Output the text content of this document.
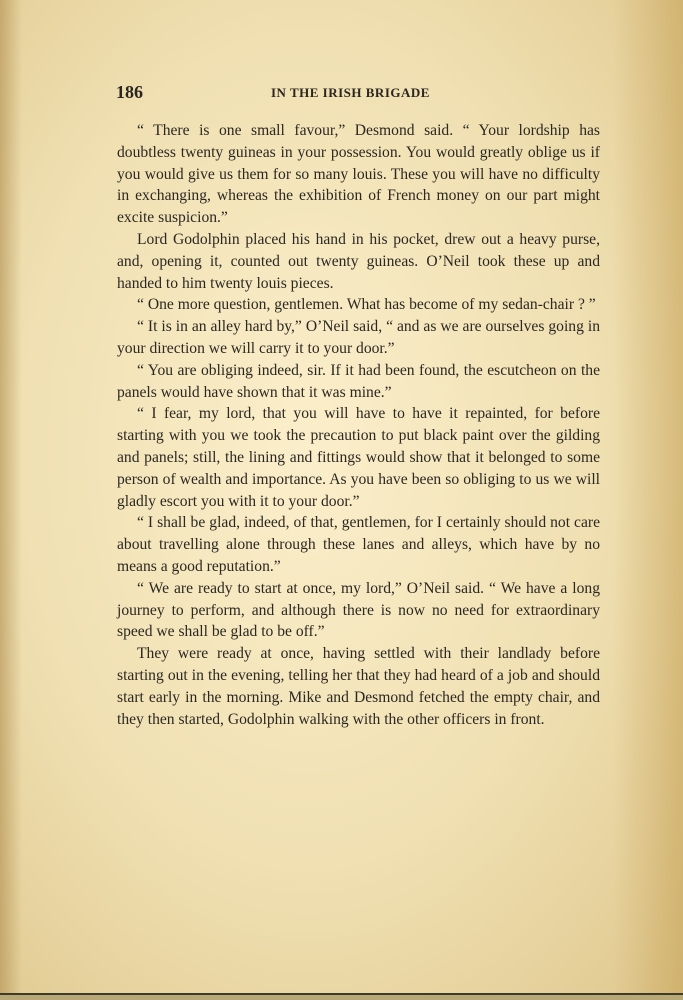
186	IN THE IRISH BRIGADE

“ There is one small favour,” Desmond said. “ Your lordship has doubtless twenty guineas in your possession. You would greatly oblige us if you would give us them for so many louis. These you will have no difficulty in exchanging, whereas the exhibition of French money on our part might excite suspicion.”

Lord Godolphin placed his hand in his pocket, drew out a heavy purse, and, opening it, counted out twenty guineas. O’Neil took these up and handed to him twenty louis pieces.

“ One more question, gentlemen. What has become of my sedan-chair ? ”

“ It is in an alley hard by,” O’Neil said, “ and as we are ourselves going in your direction we will carry it to your door.”

“ You are obliging indeed, sir. If it had been found, the escutcheon on the panels would have shown that it was mine.”

“ I fear, my lord, that you will have to have it repainted, for before starting with you we took the precaution to put black paint over the gilding and panels; still, the lining and fittings would show that it belonged to some person of wealth and importance. As you have been so obliging to us we will gladly escort you with it to your door.”

“ I shall be glad, indeed, of that, gentlemen, for I certainly should not care about travelling alone through these lanes and alleys, which have by no means a good reputation.”

“ We are ready to start at once, my lord,” O’Neil said. “ We have a long journey to perform, and although there is now no need for extraordinary speed we shall be glad to be off.”

They were ready at once, having settled with their landlady before starting out in the evening, telling her that they had heard of a job and should start early in the morning. Mike and Desmond fetched the empty chair, and they then started, Godolphin walking with the other officers in front.
